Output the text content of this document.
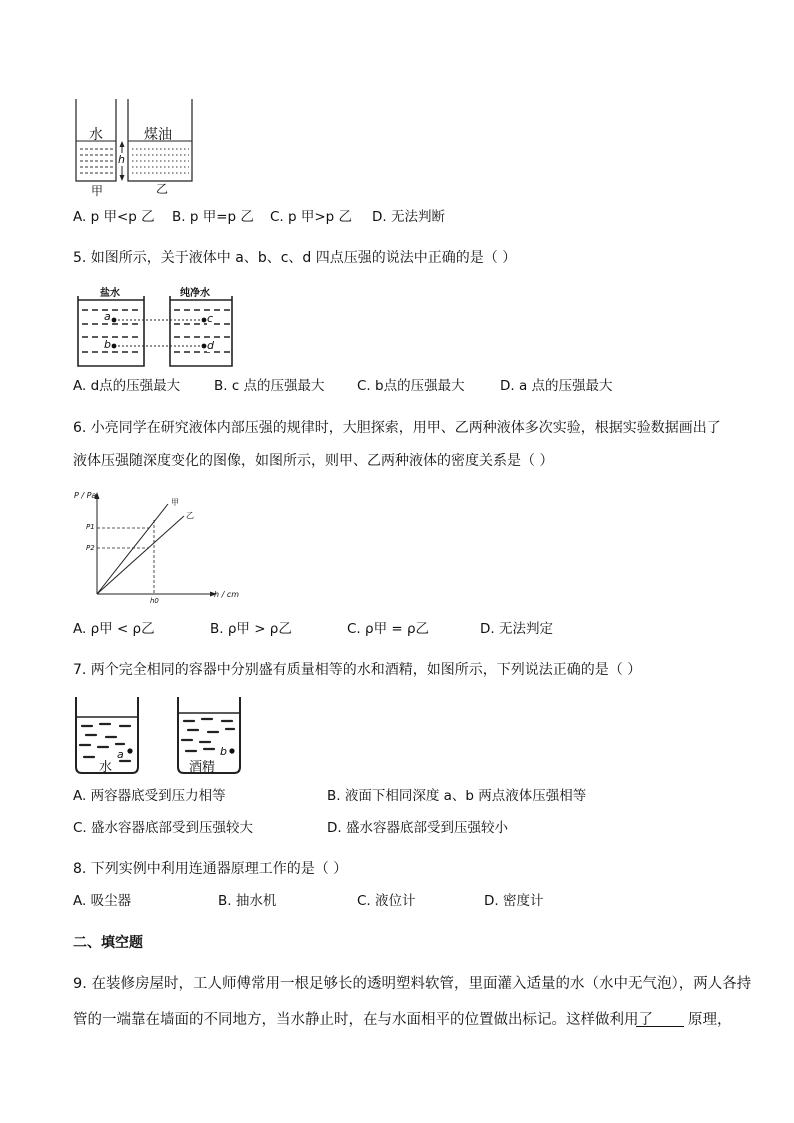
水	煤油
h
甲	乙
A. p 甲<p 乙 B. p 甲=p 乙 C. p 甲>p 乙 D. 无法判断
5. 如图所示，关于液体中 a、b、c、d 四点压强的说法中正确的是（ ）
盐水	纯净水
a
b
c
d
A. d点的压强最大	B. c 点的压强最大 C. b点的压强最大	D. a 点的压强最大
6. 小亮同学在研究液体内部压强的规律时，大胆探索，用甲、乙两种液体多次实验，根据实验数据画出了
液体压强随深度变化的图像，如图所示，则甲、乙两种液体的密度关系是（ ）
P / Pa
h / cm
P1
P2
h0
甲
乙
A. ρ甲 < ρ乙	B. ρ甲 > ρ乙	C. ρ甲 = ρ乙	D. 无法判定
7. 两个完全相同的容器中分别盛有质量相等的水和酒精，如图所示，下列说法正确的是（ ）
水
a
酒精
b
A. 两容器底受到压力相等	B. 液面下相同深度 a、b 两点液体压强相等
C. 盛水容器底部受到压强较大	D. 盛水容器底部受到压强较小
8. 下列实例中利用连通器原理工作的是（ ）
A. 吸尘器	B. 抽水机	C. 液位计	D. 密度计
二、填空题
9. 在装修房屋时，工人师傅常用一根足够长的透明塑料软管，里面灌入适量的水（水中无气泡），两人各持
管的一端靠在墙面的不同地方，当水静止时，在与水面相平的位置做出标记。这样做利用了 原理，
